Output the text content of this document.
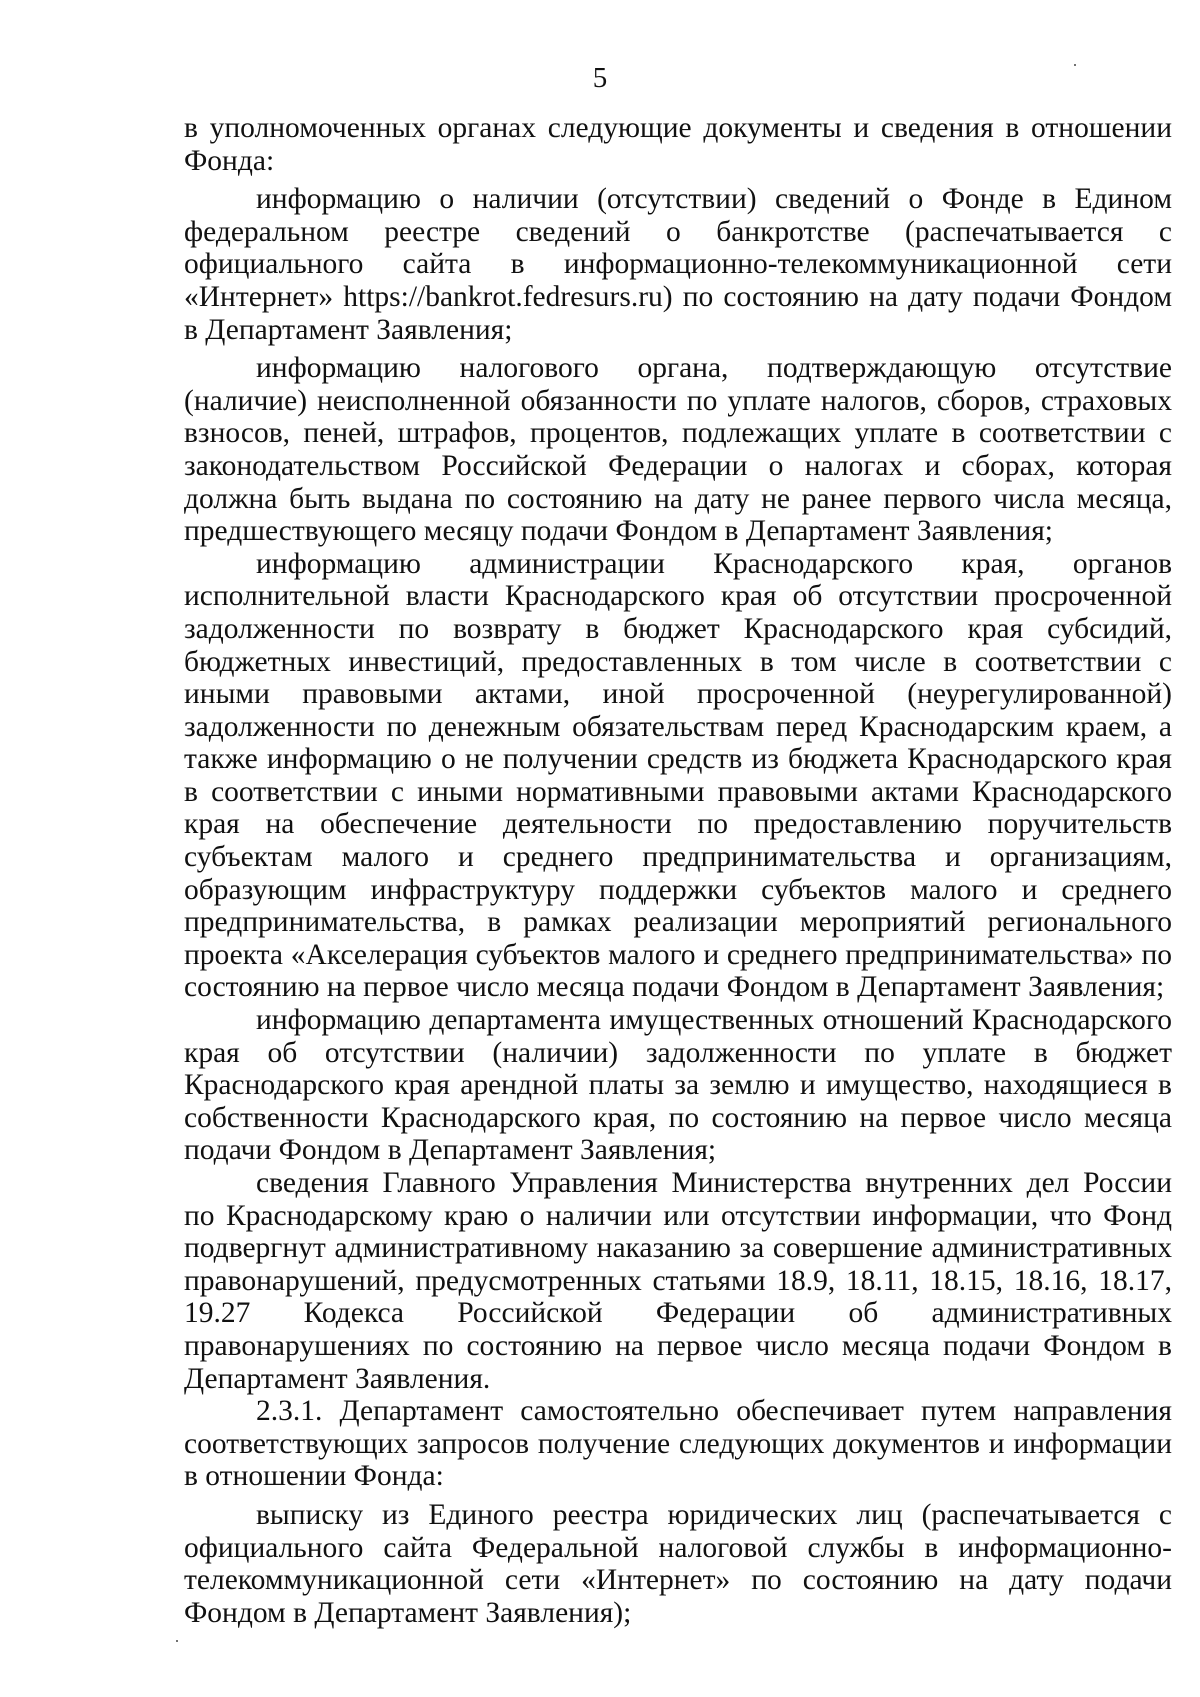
5

в уполномоченных органах следующие документы и сведения в отношении Фонда:

информацию о наличии (отсутствии) сведений о Фонде в Едином федеральном реестре сведений о банкротстве (распечатывается с официального сайта в информационно-телекоммуникационной сети «Интернет» https://bankrot.fedresurs.ru) по состоянию на дату подачи Фондом в Департамент Заявления;

информацию налогового органа, подтверждающую отсутствие (наличие) неисполненной обязанности по уплате налогов, сборов, страховых взносов, пеней, штрафов, процентов, подлежащих уплате в соответствии с законодательством Российской Федерации о налогах и сборах, которая должна быть выдана по состоянию на дату не ранее первого числа месяца, предшествующего месяцу подачи Фондом в Департамент Заявления;

информацию администрации Краснодарского края, органов исполнительной власти Краснодарского края об отсутствии просроченной задолженности по возврату в бюджет Краснодарского края субсидий, бюджетных инвестиций, предоставленных в том числе в соответствии с иными правовыми актами, иной просроченной (неурегулированной) задолженности по денежным обязательствам перед Краснодарским краем, а также информацию о не получении средств из бюджета Краснодарского края в соответствии с иными нормативными правовыми актами Краснодарского края на обеспечение деятельности по предоставлению поручительств субъектам малого и среднего предпринимательства и организациям, образующим инфраструктуру поддержки субъектов малого и среднего предпринимательства, в рамках реализации мероприятий регионального проекта «Акселерация субъектов малого и среднего предпринимательства» по состоянию на первое число месяца подачи Фондом в Департамент Заявления;

информацию департамента имущественных отношений Краснодарского края об отсутствии (наличии) задолженности по уплате в бюджет Краснодарского края арендной платы за землю и имущество, находящиеся в собственности Краснодарского края, по состоянию на первое число месяца подачи Фондом в Департамент Заявления;

сведения Главного Управления Министерства внутренних дел России по Краснодарскому краю о наличии или отсутствии информации, что Фонд подвергнут административному наказанию за совершение административных правонарушений, предусмотренных статьями 18.9, 18.11, 18.15, 18.16, 18.17, 19.27 Кодекса Российской Федерации об административных правонарушениях по состоянию на первое число месяца подачи Фондом в Департамент Заявления.

2.3.1. Департамент самостоятельно обеспечивает путем направления соответствующих запросов получение следующих документов и информации в отношении Фонда:

выписку из Единого реестра юридических лиц (распечатывается с официального сайта Федеральной налоговой службы в информационно-телекоммуникационной сети «Интернет» по состоянию на дату подачи Фондом в Департамент Заявления);
